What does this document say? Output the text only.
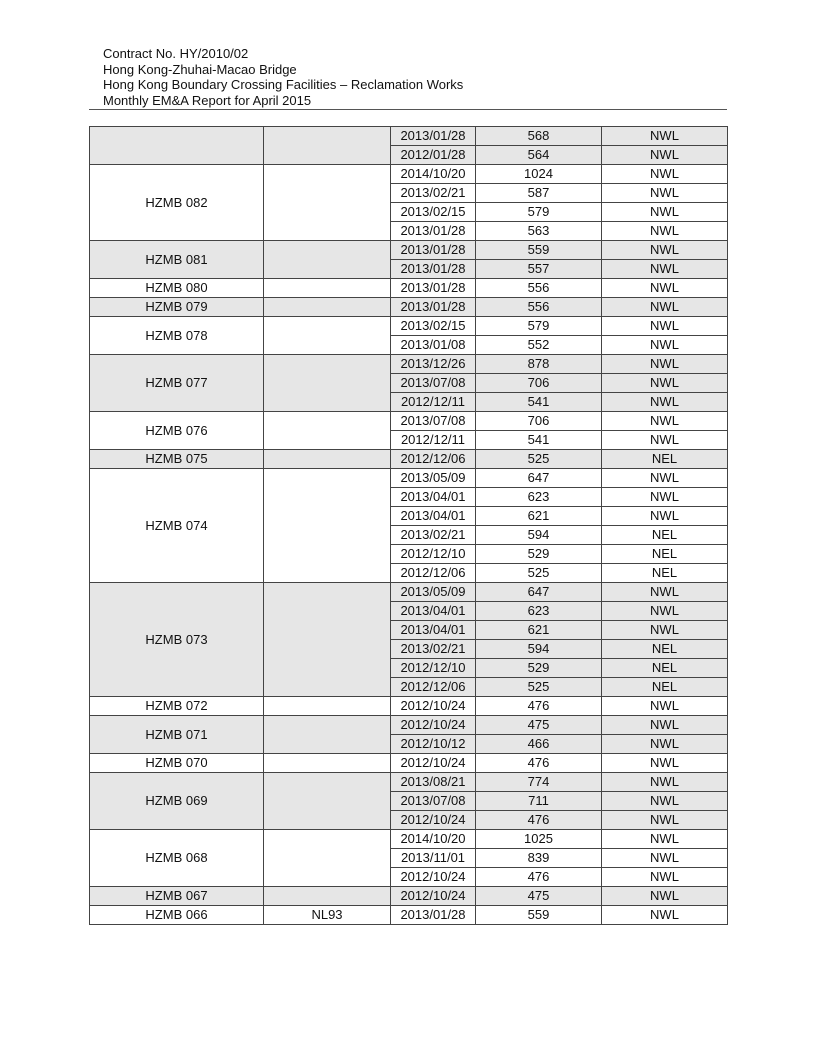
Contract No. HY/2010/02
Hong Kong-Zhuhai-Macao Bridge
Hong Kong Boundary Crossing Facilities – Reclamation Works
Monthly EM&A Report for April 2015
		2013/01/28	568	NWL
		2012/01/28	564	NWL
HZMB 082		2014/10/20	1024	NWL
		2013/02/21	587	NWL
		2013/02/15	579	NWL
		2013/01/28	563	NWL
HZMB 081		2013/01/28	559	NWL
		2013/01/28	557	NWL
HZMB 080		2013/01/28	556	NWL
HZMB 079		2013/01/28	556	NWL
HZMB 078		2013/02/15	579	NWL
		2013/01/08	552	NWL
HZMB 077		2013/12/26	878	NWL
		2013/07/08	706	NWL
		2012/12/11	541	NWL
HZMB 076		2013/07/08	706	NWL
		2012/12/11	541	NWL
HZMB 075		2012/12/06	525	NEL
HZMB 074		2013/05/09	647	NWL
		2013/04/01	623	NWL
		2013/04/01	621	NWL
		2013/02/21	594	NEL
		2012/12/10	529	NEL
		2012/12/06	525	NEL
HZMB 073		2013/05/09	647	NWL
		2013/04/01	623	NWL
		2013/04/01	621	NWL
		2013/02/21	594	NEL
		2012/12/10	529	NEL
		2012/12/06	525	NEL
HZMB 072		2012/10/24	476	NWL
HZMB 071		2012/10/24	475	NWL
		2012/10/12	466	NWL
HZMB 070		2012/10/24	476	NWL
HZMB 069		2013/08/21	774	NWL
		2013/07/08	711	NWL
		2012/10/24	476	NWL
HZMB 068		2014/10/20	1025	NWL
		2013/11/01	839	NWL
		2012/10/24	476	NWL
HZMB 067		2012/10/24	475	NWL
HZMB 066	NL93	2013/01/28	559	NWL
